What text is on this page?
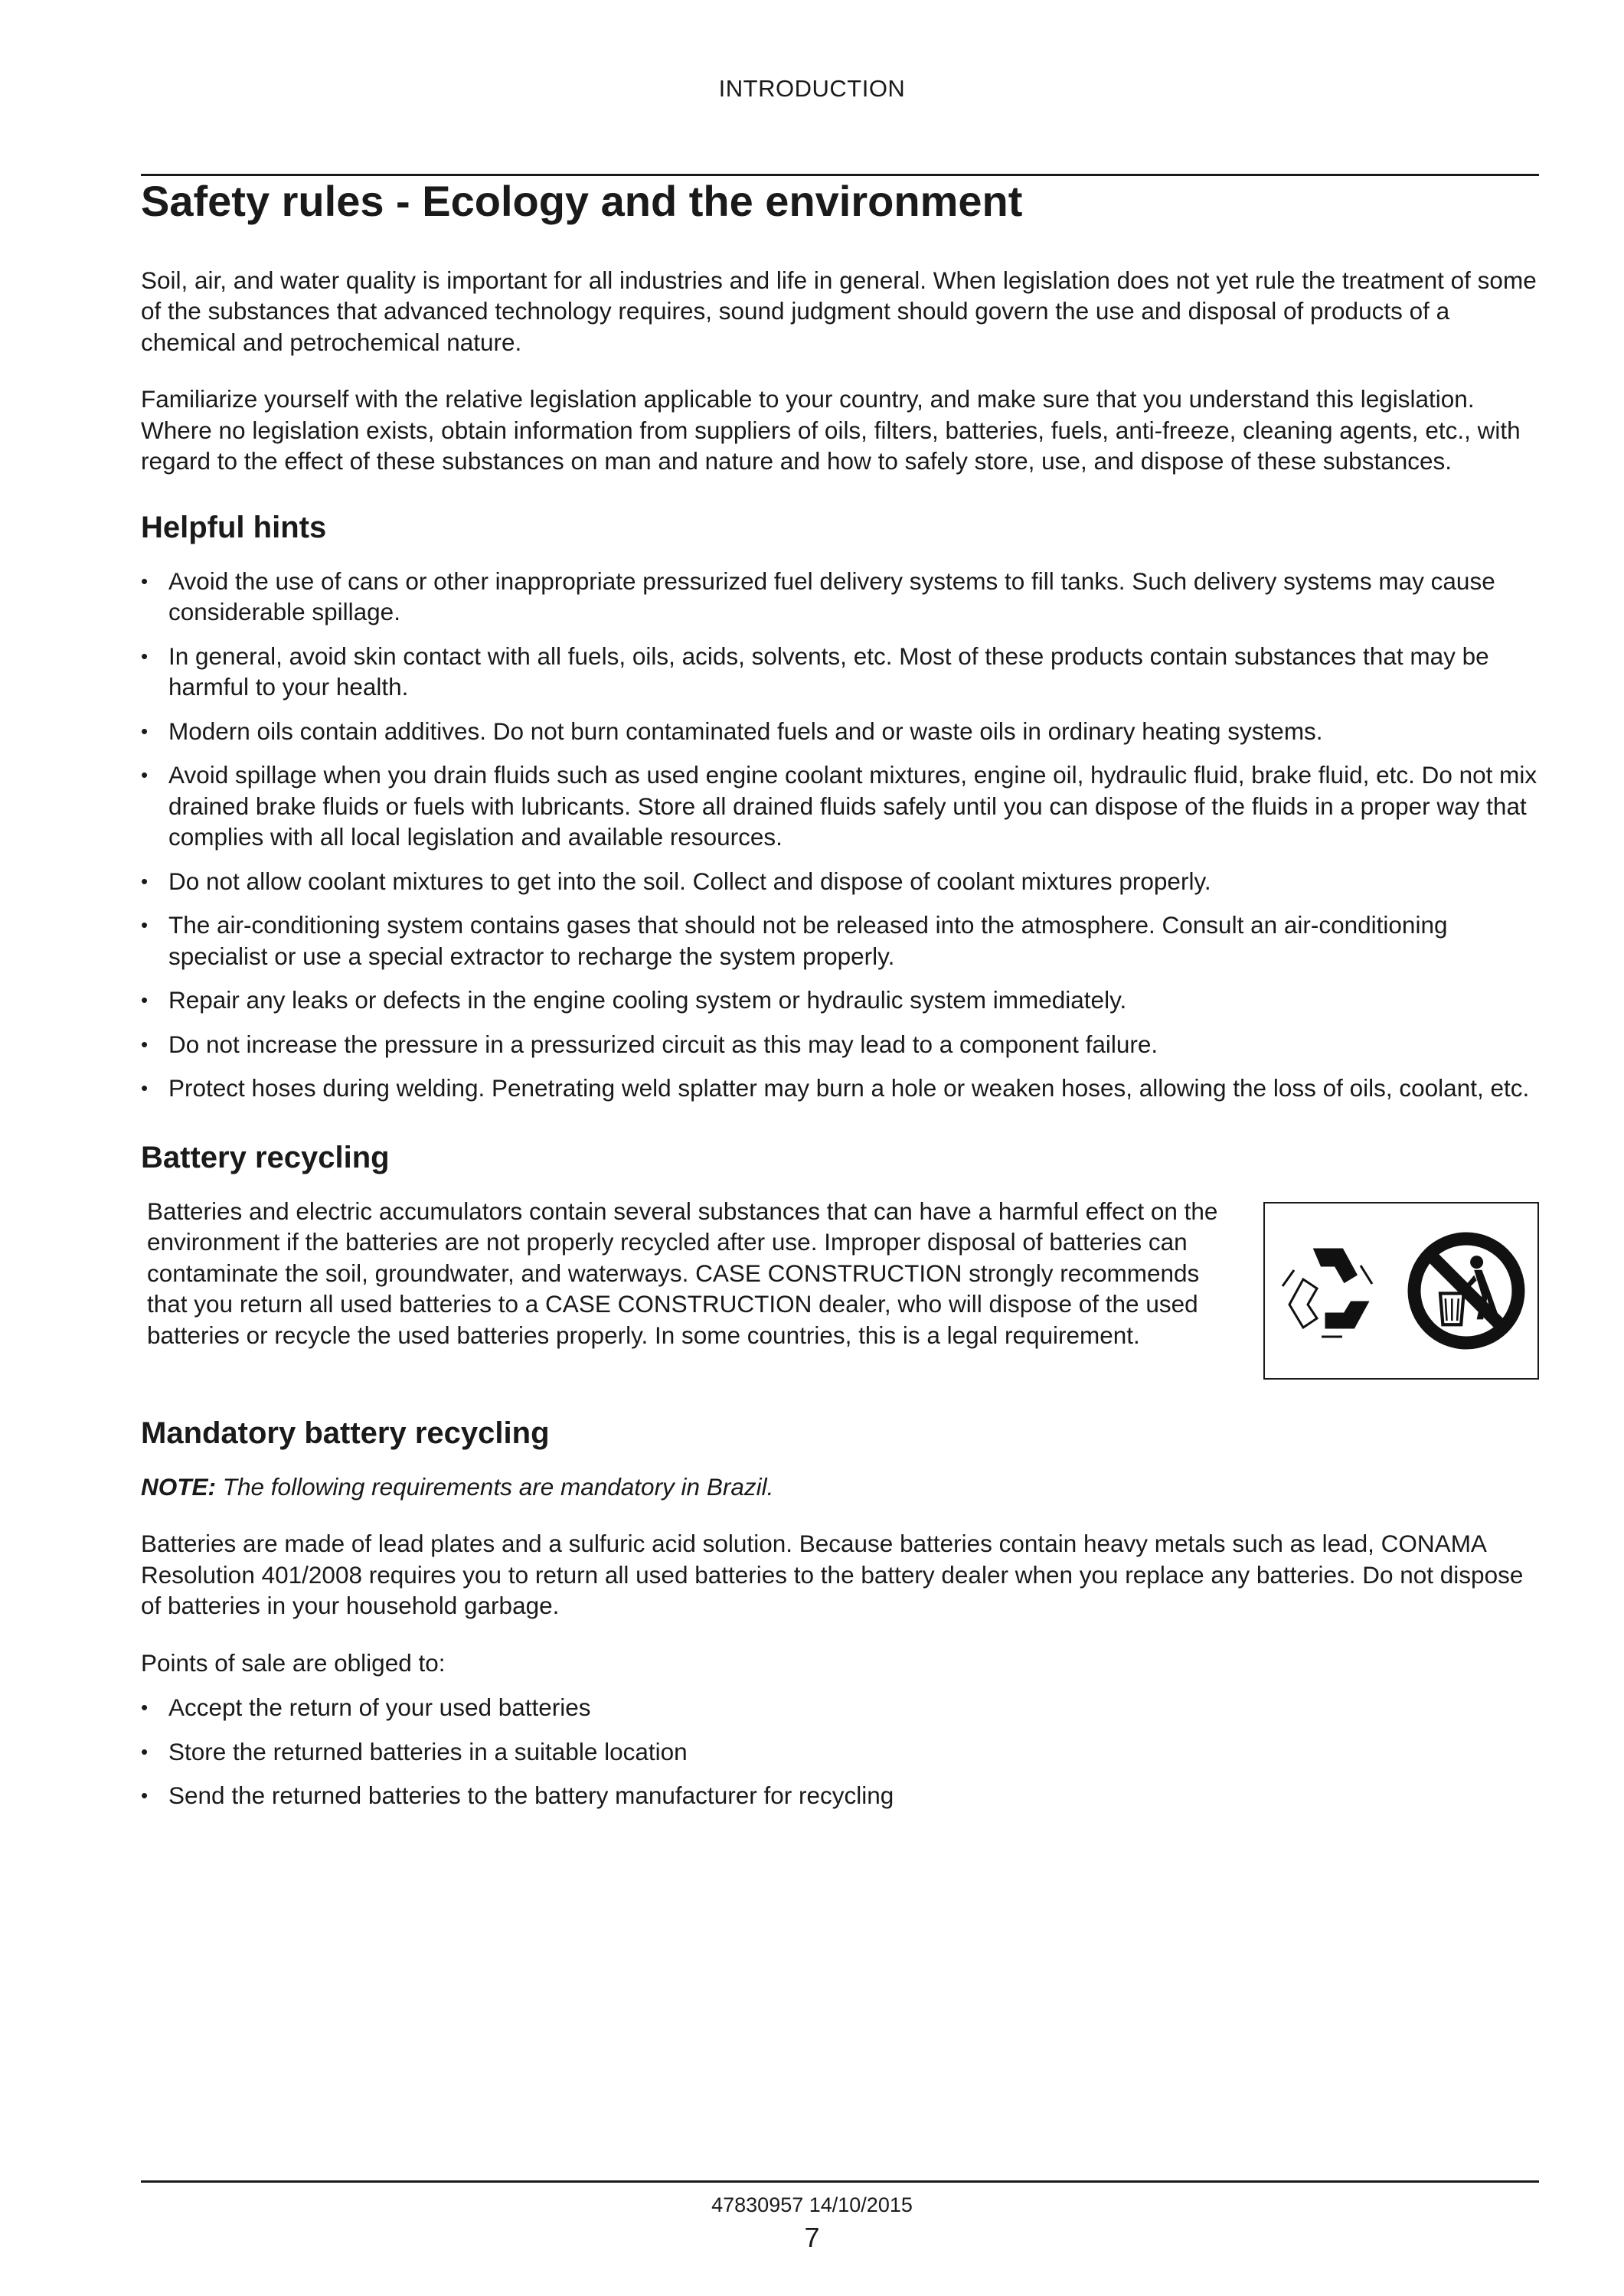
INTRODUCTION
Safety rules - Ecology and the environment

Soil, air, and water quality is important for all industries and life in general. When legislation does not yet rule the treatment of some of the substances that advanced technology requires, sound judgment should govern the use and disposal of products of a chemical and petrochemical nature.

Familiarize yourself with the relative legislation applicable to your country, and make sure that you understand this legislation. Where no legislation exists, obtain information from suppliers of oils, filters, batteries, fuels, anti-freeze, cleaning agents, etc., with regard to the effect of these substances on man and nature and how to safely store, use, and dispose of these substances.

Helpful hints
• Avoid the use of cans or other inappropriate pressurized fuel delivery systems to fill tanks. Such delivery systems may cause considerable spillage.
• In general, avoid skin contact with all fuels, oils, acids, solvents, etc. Most of these products contain substances that may be harmful to your health.
• Modern oils contain additives. Do not burn contaminated fuels and or waste oils in ordinary heating systems.
• Avoid spillage when you drain fluids such as used engine coolant mixtures, engine oil, hydraulic fluid, brake fluid, etc. Do not mix drained brake fluids or fuels with lubricants. Store all drained fluids safely until you can dispose of the fluids in a proper way that complies with all local legislation and available resources.
• Do not allow coolant mixtures to get into the soil. Collect and dispose of coolant mixtures properly.
• The air-conditioning system contains gases that should not be released into the atmosphere. Consult an air-conditioning specialist or use a special extractor to recharge the system properly.
• Repair any leaks or defects in the engine cooling system or hydraulic system immediately.
• Do not increase the pressure in a pressurized circuit as this may lead to a component failure.
• Protect hoses during welding. Penetrating weld splatter may burn a hole or weaken hoses, allowing the loss of oils, coolant, etc.
Battery recycling

Batteries and electric accumulators contain several substances that can have a harmful effect on the environment if the batteries are not properly recycled after use. Improper disposal of batteries can contaminate the soil, groundwater, and waterways. CASE CONSTRUCTION strongly recommends that you return all used batteries to a CASE CONSTRUCTION dealer, who will dispose of the used batteries or recycle the used batteries properly. In some countries, this is a legal requirement.

Mandatory battery recycling

NOTE: The following requirements are mandatory in Brazil.

Batteries are made of lead plates and a sulfuric acid solution. Because batteries contain heavy metals such as lead, CONAMA Resolution 401/2008 requires you to return all used batteries to the battery dealer when you replace any batteries. Do not dispose of batteries in your household garbage.

Points of sale are obliged to:

• Accept the return of your used batteries
• Store the returned batteries in a suitable location
• Send the returned batteries to the battery manufacturer for recycling
47830957 14/10/2015
7
